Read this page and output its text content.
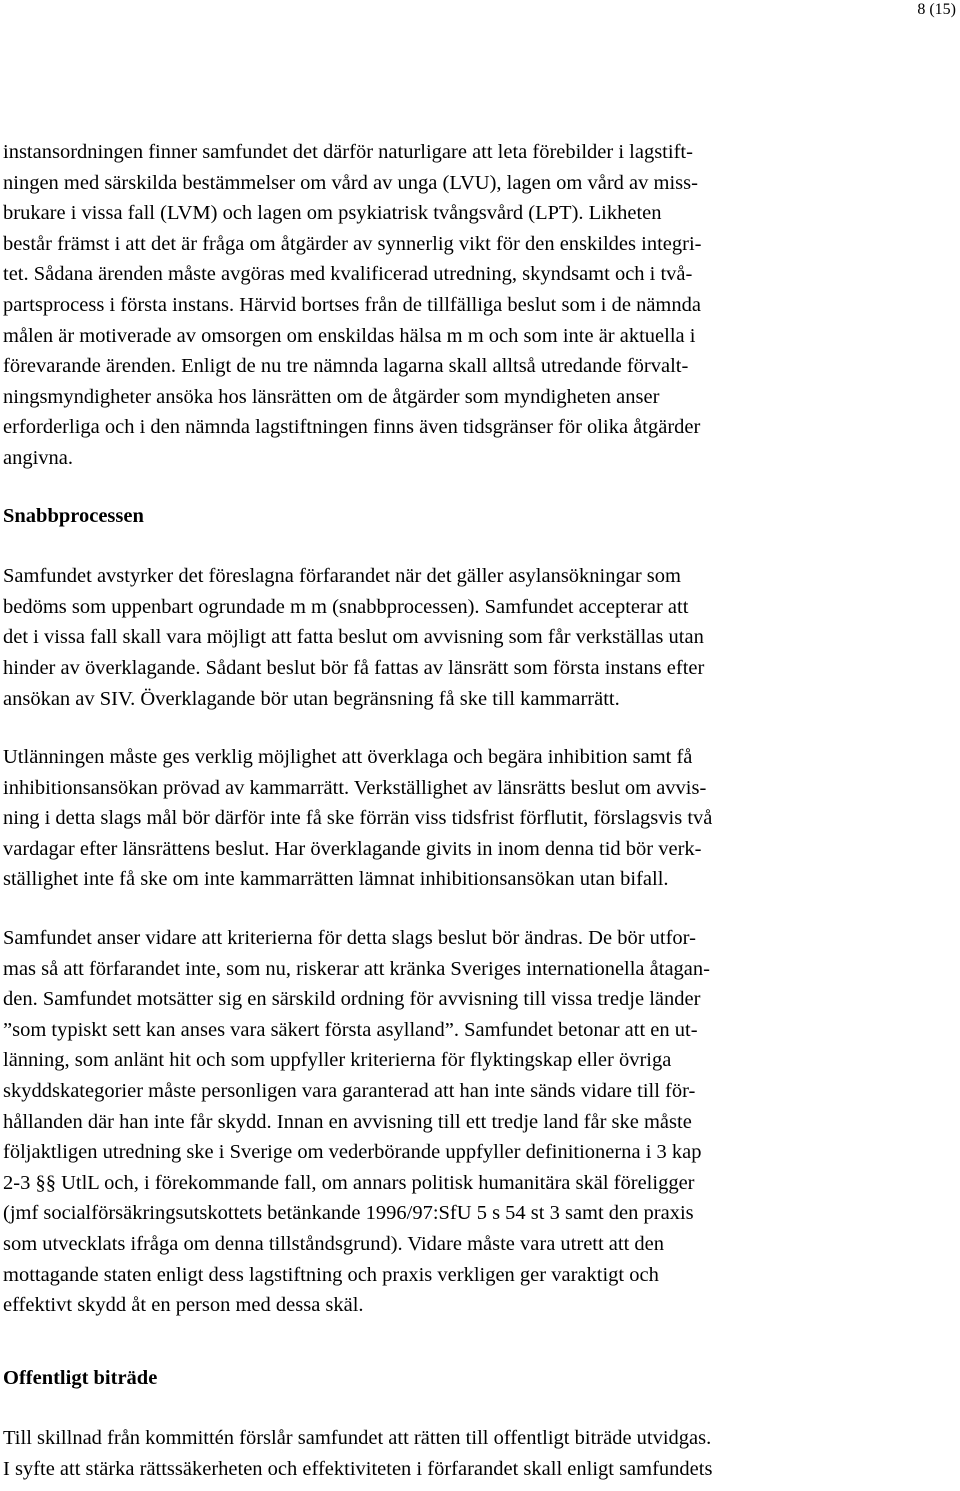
8 (15)
instansordningen finner samfundet det därför naturligare att leta förebilder i lagstift-
ningen med särskilda bestämmelser om vård av unga (LVU), lagen om vård av miss-
brukare i vissa fall (LVM) och lagen om psykiatrisk tvångsvård (LPT). Likheten
består främst i att det är fråga om åtgärder av synnerlig vikt för den enskildes integri-
tet. Sådana ärenden måste avgöras med kvalificerad utredning, skyndsamt och i två-
partsprocess i första instans. Härvid bortses från de tillfälliga beslut som i de nämnda
målen är motiverade av omsorgen om enskildas hälsa m m och som inte är aktuella i
förevarande ärenden. Enligt de nu tre nämnda lagarna skall alltså utredande förvalt-
ningsmyndigheter ansöka hos länsrätten om de åtgärder som myndigheten anser
erforderliga och i den nämnda lagstiftningen finns även tidsgränser för olika åtgärder
angivna.
Snabbprocessen
Samfundet avstyrker det föreslagna förfarandet när det gäller asylansökningar som
bedöms som uppenbart ogrundade m m (snabbprocessen). Samfundet accepterar att
det i vissa fall skall vara möjligt att fatta beslut om avvisning som får verkställas utan
hinder av överklagande. Sådant beslut bör få fattas av länsrätt som första instans efter
ansökan av SIV. Överklagande bör utan begränsning få ske till kammarrätt.
Utlänningen måste ges verklig möjlighet att överklaga och begära inhibition samt få
inhibitionsansökan prövad av kammarrätt. Verkställighet av länsrätts beslut om avvis-
ning i detta slags mål bör därför inte få ske förrän viss tidsfrist förflutit, förslagsvis två
vardagar efter länsrättens beslut. Har överklagande givits in inom denna tid bör verk-
ställighet inte få ske om inte kammarrätten lämnat inhibitionsansökan utan bifall.
Samfundet anser vidare att kriterierna för detta slags beslut bör ändras. De bör utfor-
mas så att förfarandet inte, som nu, riskerar att kränka Sveriges internationella åtagan-
den. Samfundet motsätter sig en särskild ordning för avvisning till vissa tredje länder
”som typiskt sett kan anses vara säkert första asylland”. Samfundet betonar att en ut-
länning, som anlänt hit och som uppfyller kriterierna för flyktingskap eller övriga
skyddskategorier måste personligen vara garanterad att han inte sänds vidare till för-
hållanden där han inte får skydd. Innan en avvisning till ett tredje land får ske måste
följaktligen utredning ske i Sverige om vederbörande uppfyller definitionerna i 3 kap
2-3 §§ UtlL och, i förekommande fall, om annars politisk humanitära skäl föreligger
(jmf socialförsäkringsutskottets betänkande 1996/97:SfU 5 s 54 st 3 samt den praxis
som utvecklats ifråga om denna tillståndsgrund). Vidare måste vara utrett att den
mottagande staten enligt dess lagstiftning och praxis verkligen ger varaktigt och
effektivt skydd åt en person med dessa skäl.
Offentligt biträde
Till skillnad från kommittén förslår samfundet att rätten till offentligt biträde utvidgas.
I syfte att stärka rättssäkerheten och effektiviteten i förfarandet skall enligt samfundets
